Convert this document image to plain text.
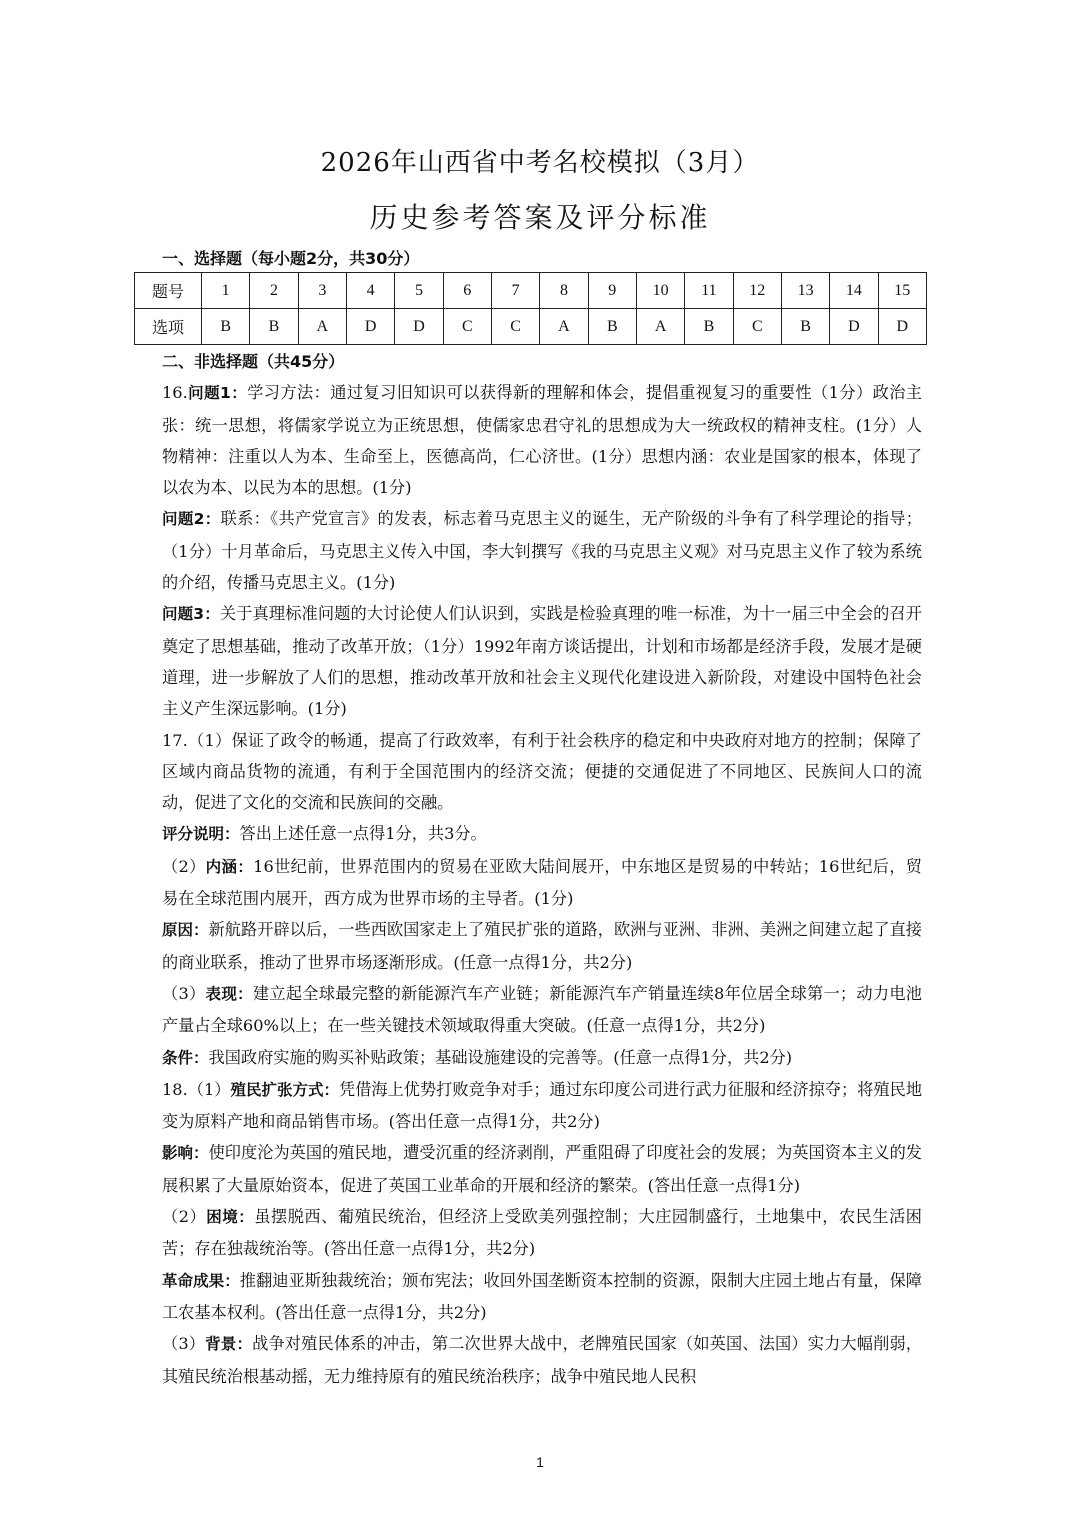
2026年山西省中考名校模拟（3月）
历史参考答案及评分标准
一、选择题（每小题2分，共30分）
题号	1	2	3	4	5	6	7	8	9	10	11	12	13	14	15
选项	B	B	A	D	D	C	C	A	B	A	B	C	B	D	D

二、非选择题（共45分）

16.问题1：学习方法：通过复习旧知识可以获得新的理解和体会，提倡重视复习的重要性（1分）政治主张：统一思想，将儒家学说立为正统思想，使儒家忠君守礼的思想成为大一统政权的精神支柱。(1分）人物精神：注重以人为本、生命至上，医德高尚，仁心济世。(1分）思想内涵：农业是国家的根本，体现了以农为本、以民为本的思想。(1分)

问题2：联系：《共产党宣言》的发表，标志着马克思主义的诞生，无产阶级的斗争有了科学理论的指导；（1分）十月革命后，马克思主义传入中国，李大钊撰写《我的马克思主义观》对马克思主义作了较为系统的介绍，传播马克思主义。(1分)

问题3：关于真理标准问题的大讨论使人们认识到，实践是检验真理的唯一标准，为十一届三中全会的召开奠定了思想基础，推动了改革开放；（1分）1992年南方谈话提出，计划和市场都是经济手段，发展才是硬道理，进一步解放了人们的思想，推动改革开放和社会主义现代化建设进入新阶段，对建设中国特色社会主义产生深远影响。(1分)

17.（1）保证了政令的畅通，提高了行政效率，有利于社会秩序的稳定和中央政府对地方的控制；保障了区域内商品货物的流通，有利于全国范围内的经济交流；便捷的交通促进了不同地区、民族间人口的流动，促进了文化的交流和民族间的交融。

评分说明：答出上述任意一点得1分，共3分。

（2）内涵：16世纪前，世界范围内的贸易在亚欧大陆间展开，中东地区是贸易的中转站；16世纪后，贸易在全球范围内展开，西方成为世界市场的主导者。(1分)

原因：新航路开辟以后，一些西欧国家走上了殖民扩张的道路，欧洲与亚洲、非洲、美洲之间建立起了直接的商业联系，推动了世界市场逐渐形成。(任意一点得1分，共2分)

（3）表现：建立起全球最完整的新能源汽车产业链；新能源汽车产销量连续8年位居全球第一；动力电池产量占全球60%以上；在一些关键技术领域取得重大突破。(任意一点得1分，共2分)

条件：我国政府实施的购买补贴政策；基础设施建设的完善等。(任意一点得1分，共2分)

18.（1）殖民扩张方式：凭借海上优势打败竞争对手；通过东印度公司进行武力征服和经济掠夺；将殖民地变为原料产地和商品销售市场。(答出任意一点得1分，共2分)

影响：使印度沦为英国的殖民地，遭受沉重的经济剥削，严重阻碍了印度社会的发展；为英国资本主义的发展积累了大量原始资本，促进了英国工业革命的开展和经济的繁荣。(答出任意一点得1分)

（2）困境：虽摆脱西、葡殖民统治，但经济上受欧美列强控制；大庄园制盛行，土地集中，农民生活困苦；存在独裁统治等。(答出任意一点得1分，共2分)

革命成果：推翻迪亚斯独裁统治；颁布宪法；收回外国垄断资本控制的资源，限制大庄园土地占有量，保障工农基本权利。(答出任意一点得1分，共2分)

（3）背景：战争对殖民体系的冲击，第二次世界大战中，老牌殖民国家（如英国、法国）实力大幅削弱，其殖民统治根基动摇，无力维持原有的殖民统治秩序；战争中殖民地人民积

1
